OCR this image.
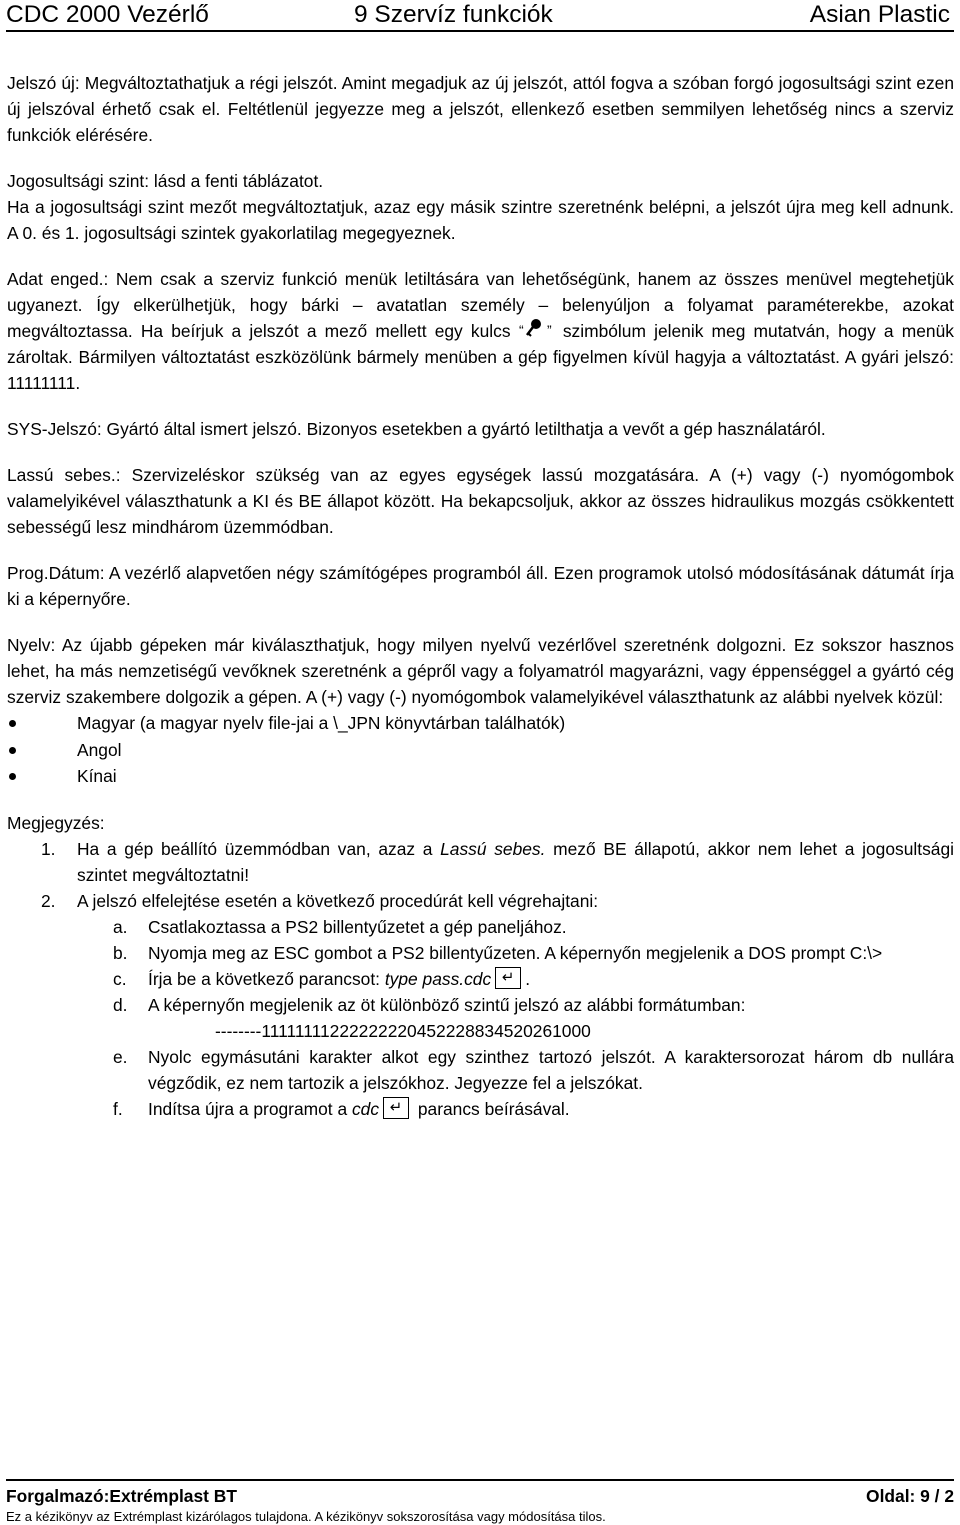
CDC 2000 Vezérlő	9 Szervíz funkciók	Asian Plastic

Jelszó új: Megváltoztathatjuk a régi jelszót. Amint megadjuk az új jelszót, attól fogva a szóban forgó jogosultsági szint ezen új jelszóval érhető csak el. Feltétlenül jegyezze meg a jelszót, ellenkező esetben semmilyen lehetőség nincs a szerviz funkciók elérésére.

Jogosultsági szint: lásd a fenti táblázatot.

Ha a jogosultsági szint mezőt megváltoztatjuk, azaz egy másik szintre szeretnénk belépni, a jelszót újra meg kell adnunk. A 0. és 1. jogosultsági szintek gyakorlatilag megegyeznek.

Adat enged.: Nem csak a szerviz funkció menük letiltására van lehetőségünk, hanem az összes menüvel megtehetjük ugyanezt. Így elkerülhetjük, hogy bárki – avatatlan személy – belenyúljon a folyamat paraméterekbe, azokat megváltoztassa. Ha beírjuk a jelszót a mező mellett egy kulcs “ ” szimbólum jelenik meg mutatván, hogy a menük zároltak. Bármilyen változtatást eszközölünk bármely menüben a gép figyelmen kívül hagyja a változtatást. A gyári jelszó: 11111111.

SYS-Jelszó: Gyártó által ismert jelszó. Bizonyos esetekben a gyártó letilthatja a vevőt a gép használatáról.

Lassú sebes.: Szervizeléskor szükség van az egyes egységek lassú mozgatására. A (+) vagy (-) nyomógombok valamelyikével választhatunk a KI és BE állapot között. Ha bekapcsoljuk, akkor az összes hidraulikus mozgás csökkentett sebességű lesz mindhárom üzemmódban.

Prog.Dátum: A vezérlő alapvetően négy számítógépes programból áll. Ezen programok utolsó módosításának dátumát írja ki a képernyőre.

Nyelv: Az újabb gépeken már kiválaszthatjuk, hogy milyen nyelvű vezérlővel szeretnénk dolgozni. Ez sokszor hasznos lehet, ha más nemzetiségű vevőknek szeretnénk a gépről vagy a folyamatról magyarázni, vagy éppenséggel a gyártó cég szerviz szakembere dolgozik a gépen. A (+) vagy (-) nyomógombok valamelyikével választhatunk az alábbi nyelvek közül:

Magyar (a magyar nyelv file-jai a \_JPN könyvtárban találhatók)
Angol
Kínai

Megjegyzés:

1. Ha a gép beállító üzemmódban van, azaz a Lassú sebes. mező BE állapotú, akkor nem lehet a jogosultsági szintet megváltoztatni!
2. A jelszó elfelejtése esetén a következő procedúrát kell végrehajtani:
a. Csatlakoztassa a PS2 billentyűzetet a gép paneljához.
b. Nyomja meg az ESC gombot a PS2 billentyűzeten. A képernyőn megjelenik a DOS prompt C:\>
c. Írja be a következő parancsot: type pass.cdc ↵ .
d. A képernyőn megjelenik az öt különböző szintű jelszó az alábbi formátumban:
--------11111111222222220452228834520261000
e. Nyolc egymásutáni karakter alkot egy szinthez tartozó jelszót. A karaktersorozat három db nullára végződik, ez nem tartozik a jelszókhoz. Jegyezze fel a jelszókat.
f. Indítsa újra a programot a cdc ↵ parancs beírásával.
Forgalmazó:Extrémplast BT	Oldal: 9 / 2
Ez a kézikönyv az Extrémplast kizárólagos tulajdona. A kézikönyv sokszorosítása vagy módosítása tilos.
